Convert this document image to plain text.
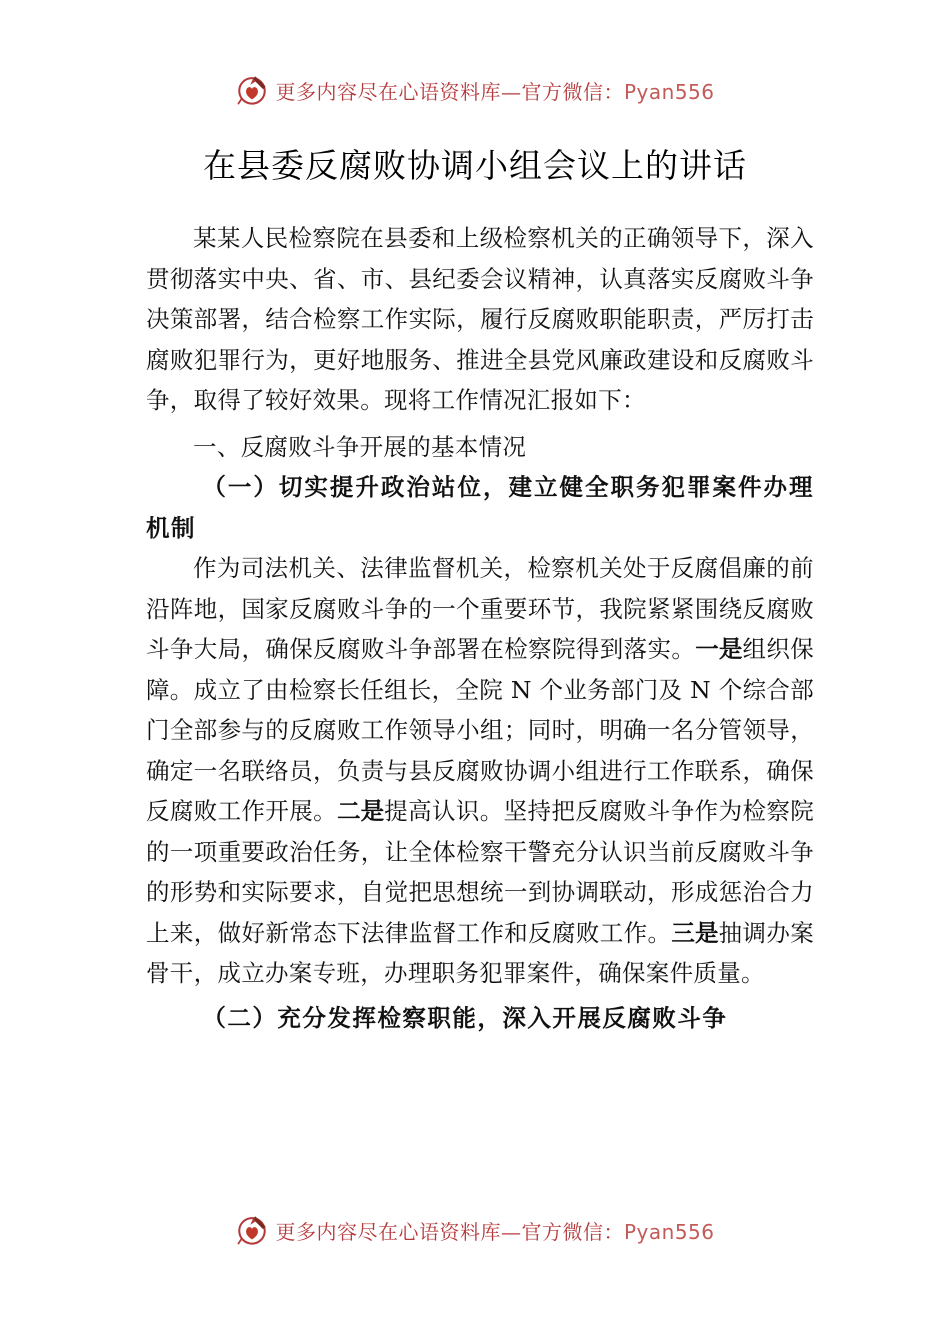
更多内容尽在心语资料库—官方微信：Pyan556
在县委反腐败协调小组会议上的讲话

某某人民检察院在县委和上级检察机关的正确领导下，深入贯彻落实中央、省、市、县纪委会议精神，认真落实反腐败斗争决策部署，结合检察工作实际，履行反腐败职能职责，严厉打击腐败犯罪行为，更好地服务、推进全县党风廉政建设和反腐败斗争，取得了较好效果。现将工作情况汇报如下：

一、反腐败斗争开展的基本情况

（一）切实提升政治站位，建立健全职务犯罪案件办理机制

作为司法机关、法律监督机关，检察机关处于反腐倡廉的前沿阵地，国家反腐败斗争的一个重要环节，我院紧紧围绕反腐败斗争大局，确保反腐败斗争部署在检察院得到落实。一是组织保障。成立了由检察长任组长，全院 N 个业务部门及 N 个综合部门全部参与的反腐败工作领导小组；同时，明确一名分管领导，确定一名联络员，负责与县反腐败协调小组进行工作联系，确保反腐败工作开展。二是提高认识。坚持把反腐败斗争作为检察院的一项重要政治任务，让全体检察干警充分认识当前反腐败斗争的形势和实际要求，自觉把思想统一到协调联动，形成惩治合力上来，做好新常态下法律监督工作和反腐败工作。三是抽调办案骨干，成立办案专班，办理职务犯罪案件，确保案件质量。

（二）充分发挥检察职能，深入开展反腐败斗争

更多内容尽在心语资料库—官方微信：Pyan556
